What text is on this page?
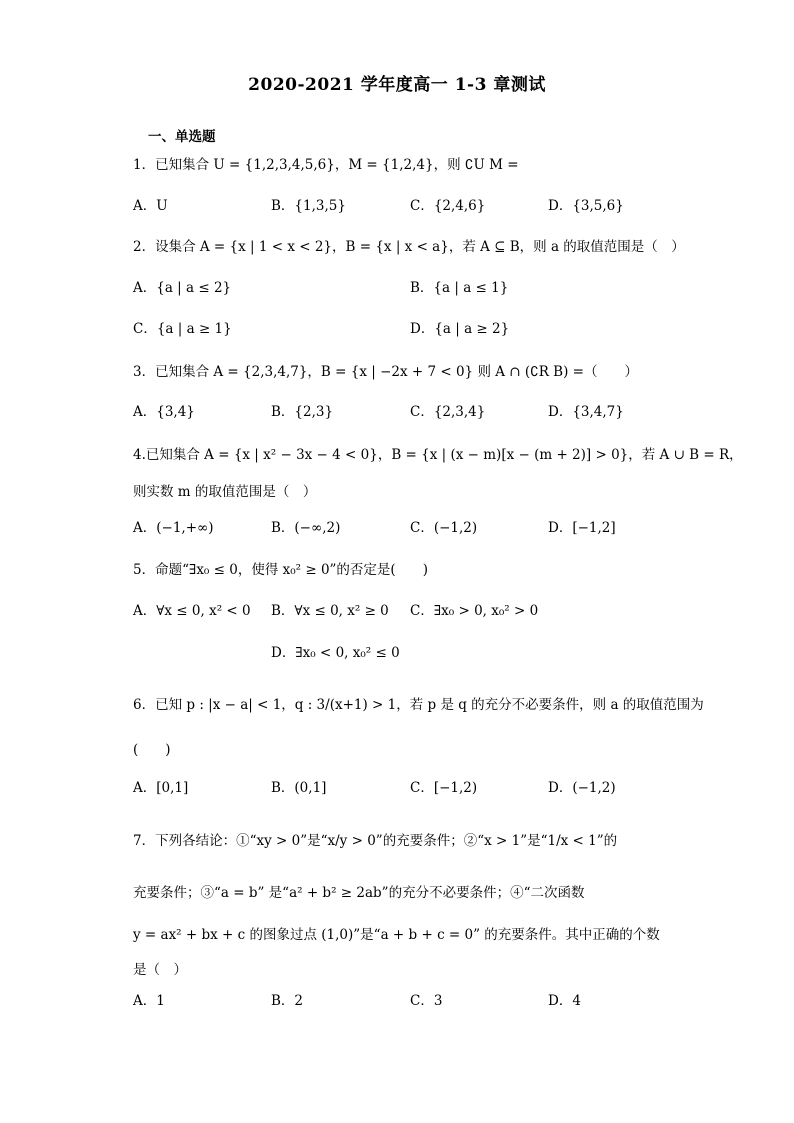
2020-2021 学年度高一 1-3 章测试
一、单选题
1．已知集合 U = {1,2,3,4,5,6}，M = {1,2,4}，则 ∁U M =
A．U	B．{1,3,5}	C．{2,4,6}	D．{3,5,6}
2．设集合 A = {x | 1 < x < 2}，B = {x | x < a}，若 A ⊆ B，则 a 的取值范围是（　）
A．{a | a ≤ 2}	B．{a | a ≤ 1}
C．{a | a ≥ 1}	D．{a | a ≥ 2}
3．已知集合 A = {2,3,4,7}，B = {x | −2x + 7 < 0} 则 A ∩ (∁R B) =（　　）
A．{3,4}	B．{2,3}	C．{2,3,4}	D．{3,4,7}
4.已知集合 A = {x | x² − 3x − 4 < 0}，B = {x | (x − m)[x − (m + 2)] > 0}，若 A ∪ B = R，
则实数 m 的取值范围是（　）
A．(−1,+∞)	B．(−∞,2)	C．(−1,2)	D．[−1,2]
5．命题“∃x₀ ≤ 0，使得 x₀² ≥ 0”的否定是(　　)
A．∀x ≤ 0, x² < 0 B．∀x ≤ 0, x² ≥ 0 C．∃x₀ > 0, x₀² > 0
D．∃x₀ < 0, x₀² ≤ 0
6．已知 p : |x − a| < 1，q : 3/(x+1) > 1，若 p 是 q 的充分不必要条件，则 a 的取值范围为
(　　)
A．[0,1]	B．(0,1]	C．[−1,2)	D．(−1,2)
7．下列各结论：①“xy > 0”是“x/y > 0”的充要条件；②“x > 1”是“1/x < 1”的
充要条件；③“a = b” 是“a² + b² ≥ 2ab”的充分不必要条件；④“二次函数
y = ax² + bx + c 的图象过点 (1,0)”是“a + b + c = 0” 的充要条件。其中正确的个数
是（　）
A．1	B．2	C．3	D．4
